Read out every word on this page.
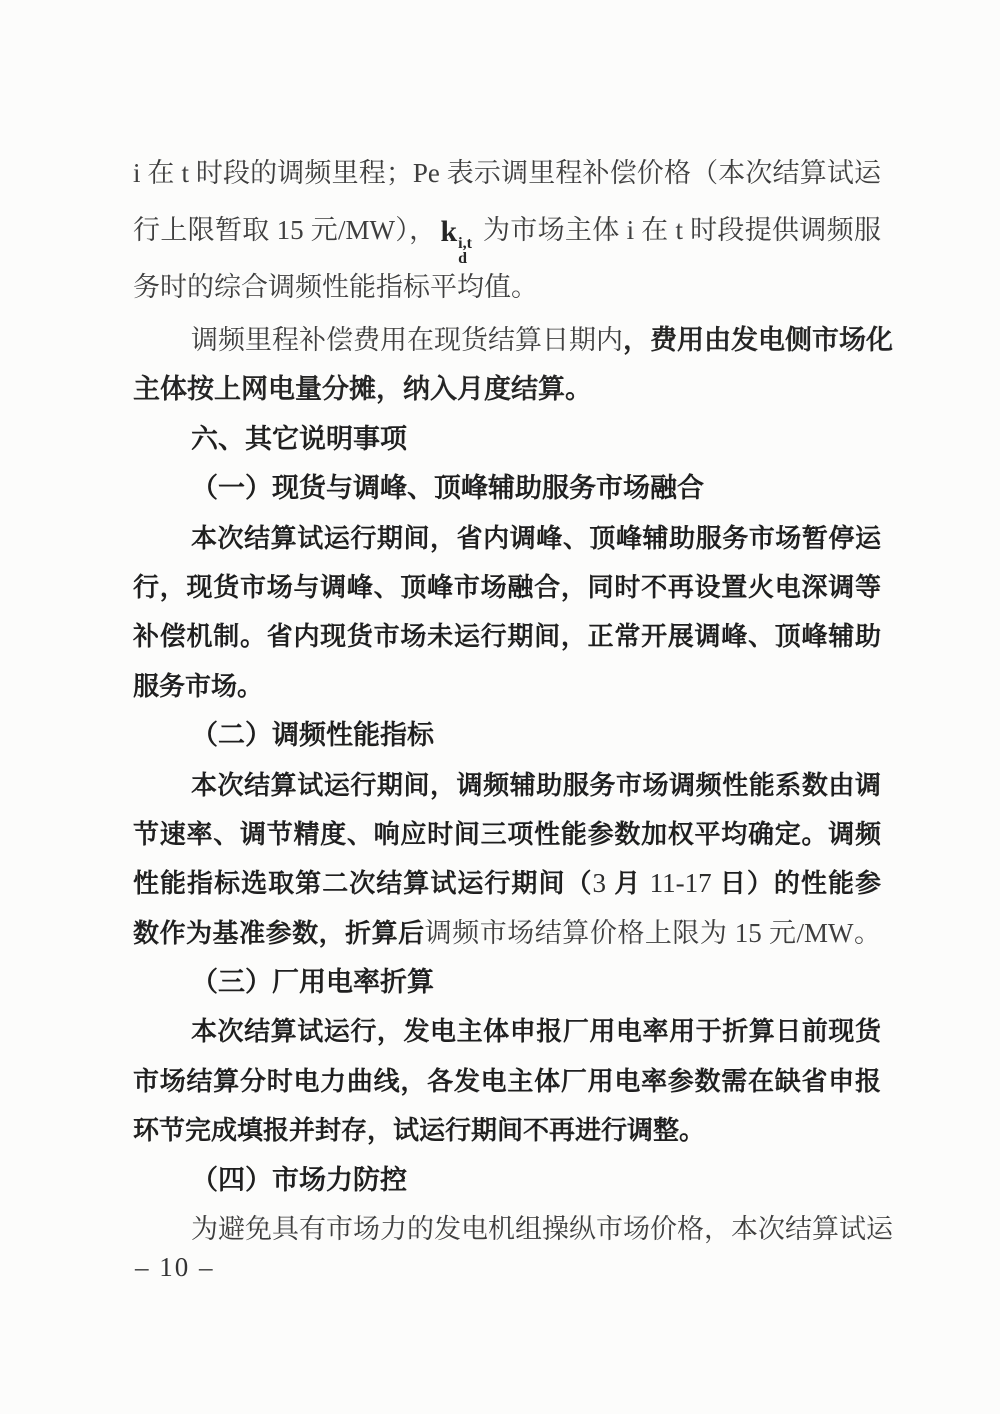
i 在 t 时段的调频里程；Pe 表示调里程补偿价格（本次结算试运
行上限暂取 15 元/MW）， k i,t
d
为市场主体 i 在 t 时段提供调频服
务时的综合调频性能指标平均值。
调频里程补偿费用在现货结算日期内，费用由发电侧市场化
主体按上网电量分摊，纳入月度结算。
六、其它说明事项
（一）现货与调峰、顶峰辅助服务市场融合
本次结算试运行期间，省内调峰、顶峰辅助服务市场暂停运
行，现货市场与调峰、顶峰市场融合，同时不再设置火电深调等
补偿机制。省内现货市场未运行期间，正常开展调峰、顶峰辅助
服务市场。
（二）调频性能指标
本次结算试运行期间，调频辅助服务市场调频性能系数由调
节速率、调节精度、响应时间三项性能参数加权平均确定。调频
性能指标选取第二次结算试运行期间（3 月 11-17 日）的性能参
数作为基准参数，折算后调频市场结算价格上限为 15 元/MW。
（三）厂用电率折算
本次结算试运行，发电主体申报厂用电率用于折算日前现货
市场结算分时电力曲线，各发电主体厂用电率参数需在缺省申报
环节完成填报并封存，试运行期间不再进行调整。
（四）市场力防控
为避免具有市场力的发电机组操纵市场价格，本次结算试运
– 10 –
